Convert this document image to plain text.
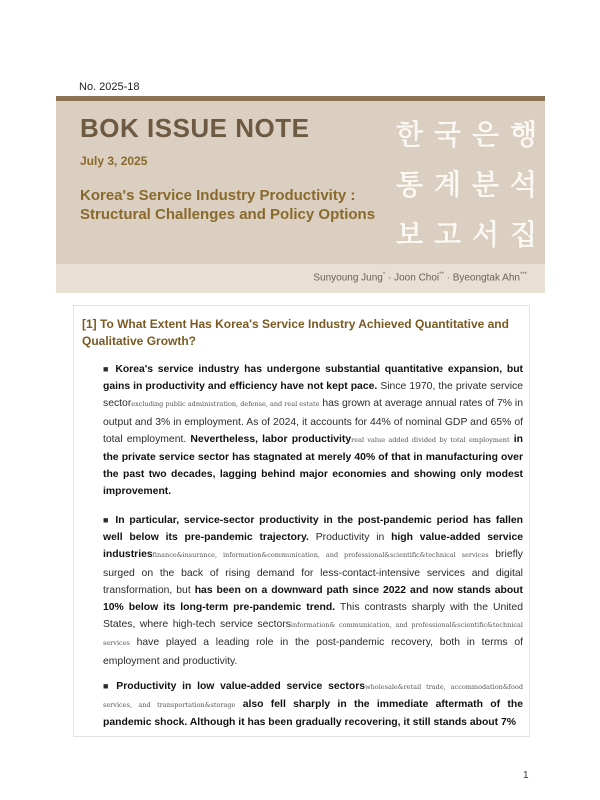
No. 2025-18
BOK ISSUE NOTE
July 3, 2025
Korea's Service Industry Productivity : Structural Challenges and Policy Options
한 국 은 행
통 계 분 석
보 고 서 집
Sunyoung Jung* · Joon Choi** · Byeongtak Ahn***
[1] To What Extent Has Korea's Service Industry Achieved Quantitative and Qualitative Growth?
■ Korea's service industry has undergone substantial quantitative expansion, but gains in productivity and efficiency have not kept pace. Since 1970, the private service sectorexcluding public administration, defense, and real estate has grown at average annual rates of 7% in output and 3% in employment. As of 2024, it accounts for 44% of nominal GDP and 65% of total employment. Nevertheless, labor productivityreal value added divided by total employment in the private service sector has stagnated at merely 40% of that in manufacturing over the past two decades, lagging behind major economies and showing only modest improvement.
■ In particular, service-sector productivity in the post-pandemic period has fallen well below its pre-pandemic trajectory. Productivity in high value-added service industriesfinance&insurance, information&communication, and professional&scientific&technical services briefly surged on the back of rising demand for less-contact-intensive services and digital transformation, but has been on a downward path since 2022 and now stands about 10% below its long-term pre-pandemic trend. This contrasts sharply with the United States, where high-tech service sectorsinformation& communication, and professional&scientific&technical services have played a leading role in the post-pandemic recovery, both in terms of employment and productivity.
■ Productivity in low value-added service sectorswholesale&retail trade, accommodation&food services, and transportation&storage also fell sharply in the immediate aftermath of the pandemic shock. Although it has been gradually recovering, it still stands about 7%
1
